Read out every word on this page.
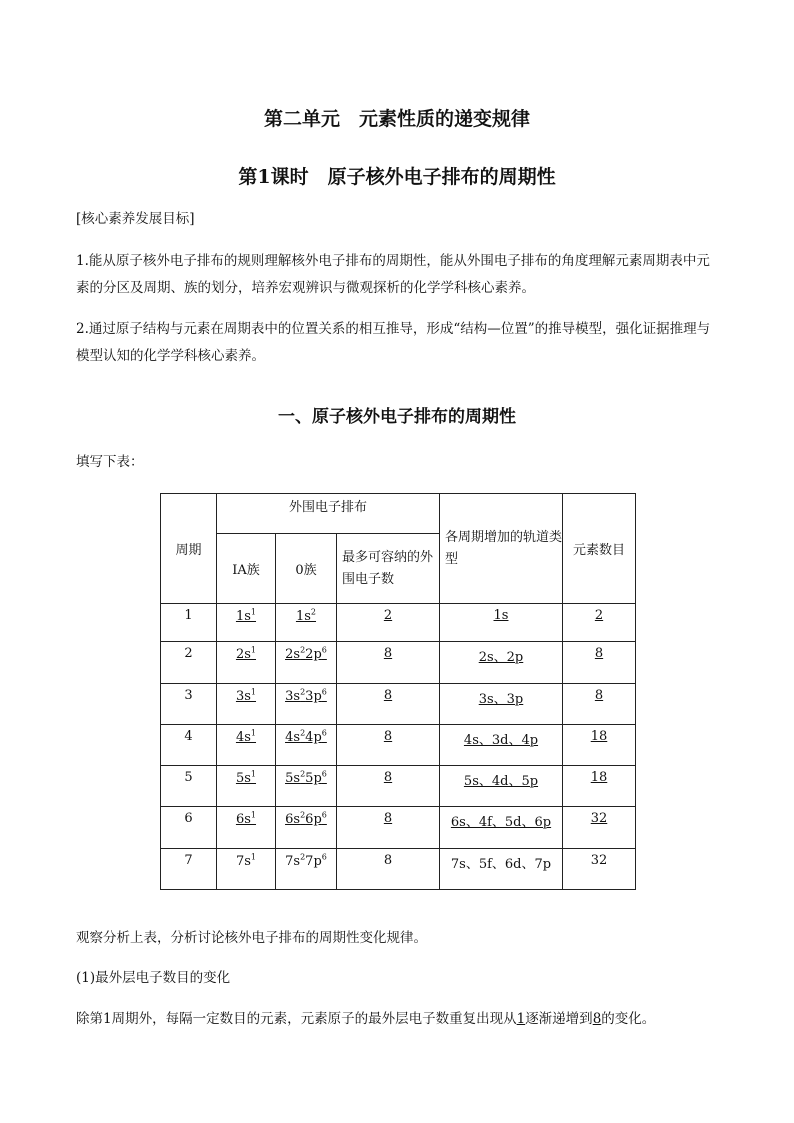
第二单元　元素性质的递变规律
第1课时　原子核外电子排布的周期性
[核心素养发展目标]
1.能从原子核外电子排布的规则理解核外电子排布的周期性，能从外围电子排布的角度理解元素周期表中元素的分区及周期、族的划分，培养宏观辨识与微观探析的化学学科核心素养。
2.通过原子结构与元素在周期表中的位置关系的相互推导，形成“结构—位置”的推导模型，强化证据推理与模型认知的化学学科核心素养。
一、原子核外电子排布的周期性
填写下表：
周期	外围电子排布			各周期增加的轨道类型	元素数目
	ⅠA族	0族	最多可容纳的外围电子数		
1	$1s^1$	$1s^2$	2	1s	2
2	$2s^1$	$2s^22p^6$	8	2s、2p	8
3	$3s^1$	$3s^23p^6$	8	3s、3p	8
4	$4s^1$	$4s^24p^6$	8	4s、3d、4p	18
5	$5s^1$	$5s^25p^6$	8	5s、4d、5p	18
6	$6s^1$	$6s^26p^6$	8	6s、4f、5d、6p	32
7	$7s^1$	$7s^27p^6$	8	7s、5f、6d、7p	32
观察分析上表，分析讨论核外电子排布的周期性变化规律。
(1)最外层电子数目的变化
除第1周期外，每隔一定数目的元素，元素原子的最外层电子数重复出现从1逐渐递增到8的变化。
